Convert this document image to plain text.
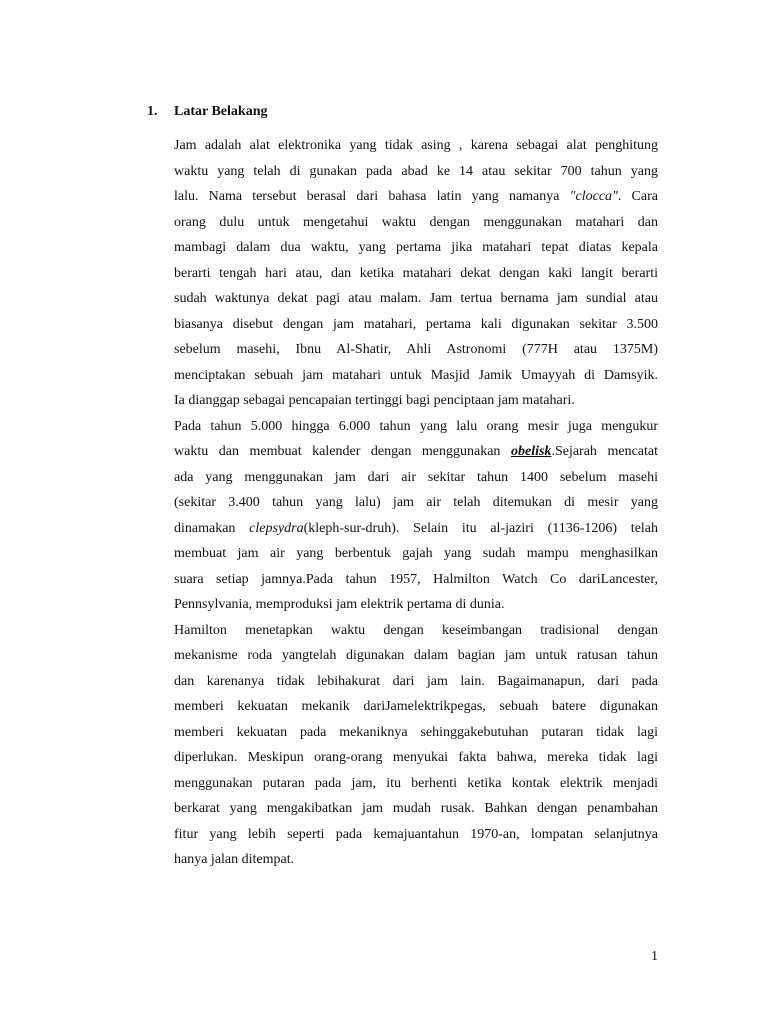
1. Latar Belakang
Jam adalah alat elektronika yang tidak asing , karena sebagai alat penghitung
waktu yang telah di gunakan pada abad ke 14 atau sekitar 700 tahun yang
lalu. Nama tersebut berasal dari bahasa latin yang namanya "clocca". Cara
orang dulu untuk mengetahui waktu dengan menggunakan matahari dan
mambagi dalam dua waktu, yang pertama jika matahari tepat diatas kepala
berarti tengah hari atau, dan ketika matahari dekat dengan kaki langit berarti
sudah waktunya dekat pagi atau malam. Jam tertua bernama jam sundial atau
biasanya disebut dengan jam matahari, pertama kali digunakan sekitar 3.500
sebelum masehi, Ibnu Al-Shatir, Ahli Astronomi (777H atau 1375M)
menciptakan sebuah jam matahari untuk Masjid Jamik Umayyah di Damsyik.
Ia dianggap sebagai pencapaian tertinggi bagi penciptaan jam matahari.
Pada tahun 5.000 hingga 6.000 tahun yang lalu orang mesir juga mengukur
waktu dan membuat kalender dengan menggunakan obelisk.Sejarah mencatat
ada yang menggunakan jam dari air sekitar tahun 1400 sebelum masehi
(sekitar 3.400 tahun yang lalu) jam air telah ditemukan di mesir yang
dinamakan clepsydra(kleph-sur-druh). Selain itu al-jaziri (1136-1206) telah
membuat jam air yang berbentuk gajah yang sudah mampu menghasilkan
suara setiap jamnya.Pada tahun 1957, Halmilton Watch Co dariLancester,
Pennsylvania, memproduksi jam elektrik pertama di dunia.
Hamilton menetapkan waktu dengan keseimbangan tradisional dengan
mekanisme roda yangtelah digunakan dalam bagian jam untuk ratusan tahun
dan karenanya tidak lebihakurat dari jam lain. Bagaimanapun, dari pada
memberi kekuatan mekanik dariJamelektrikpegas, sebuah batere digunakan
memberi kekuatan pada mekaniknya sehinggakebutuhan putaran tidak lagi
diperlukan. Meskipun orang-orang menyukai fakta bahwa, mereka tidak lagi
menggunakan putaran pada jam, itu berhenti ketika kontak elektrik menjadi
berkarat yang mengakibatkan jam mudah rusak. Bahkan dengan penambahan
fitur yang lebih seperti pada kemajuantahun 1970-an, lompatan selanjutnya
hanya jalan ditempat.
1
